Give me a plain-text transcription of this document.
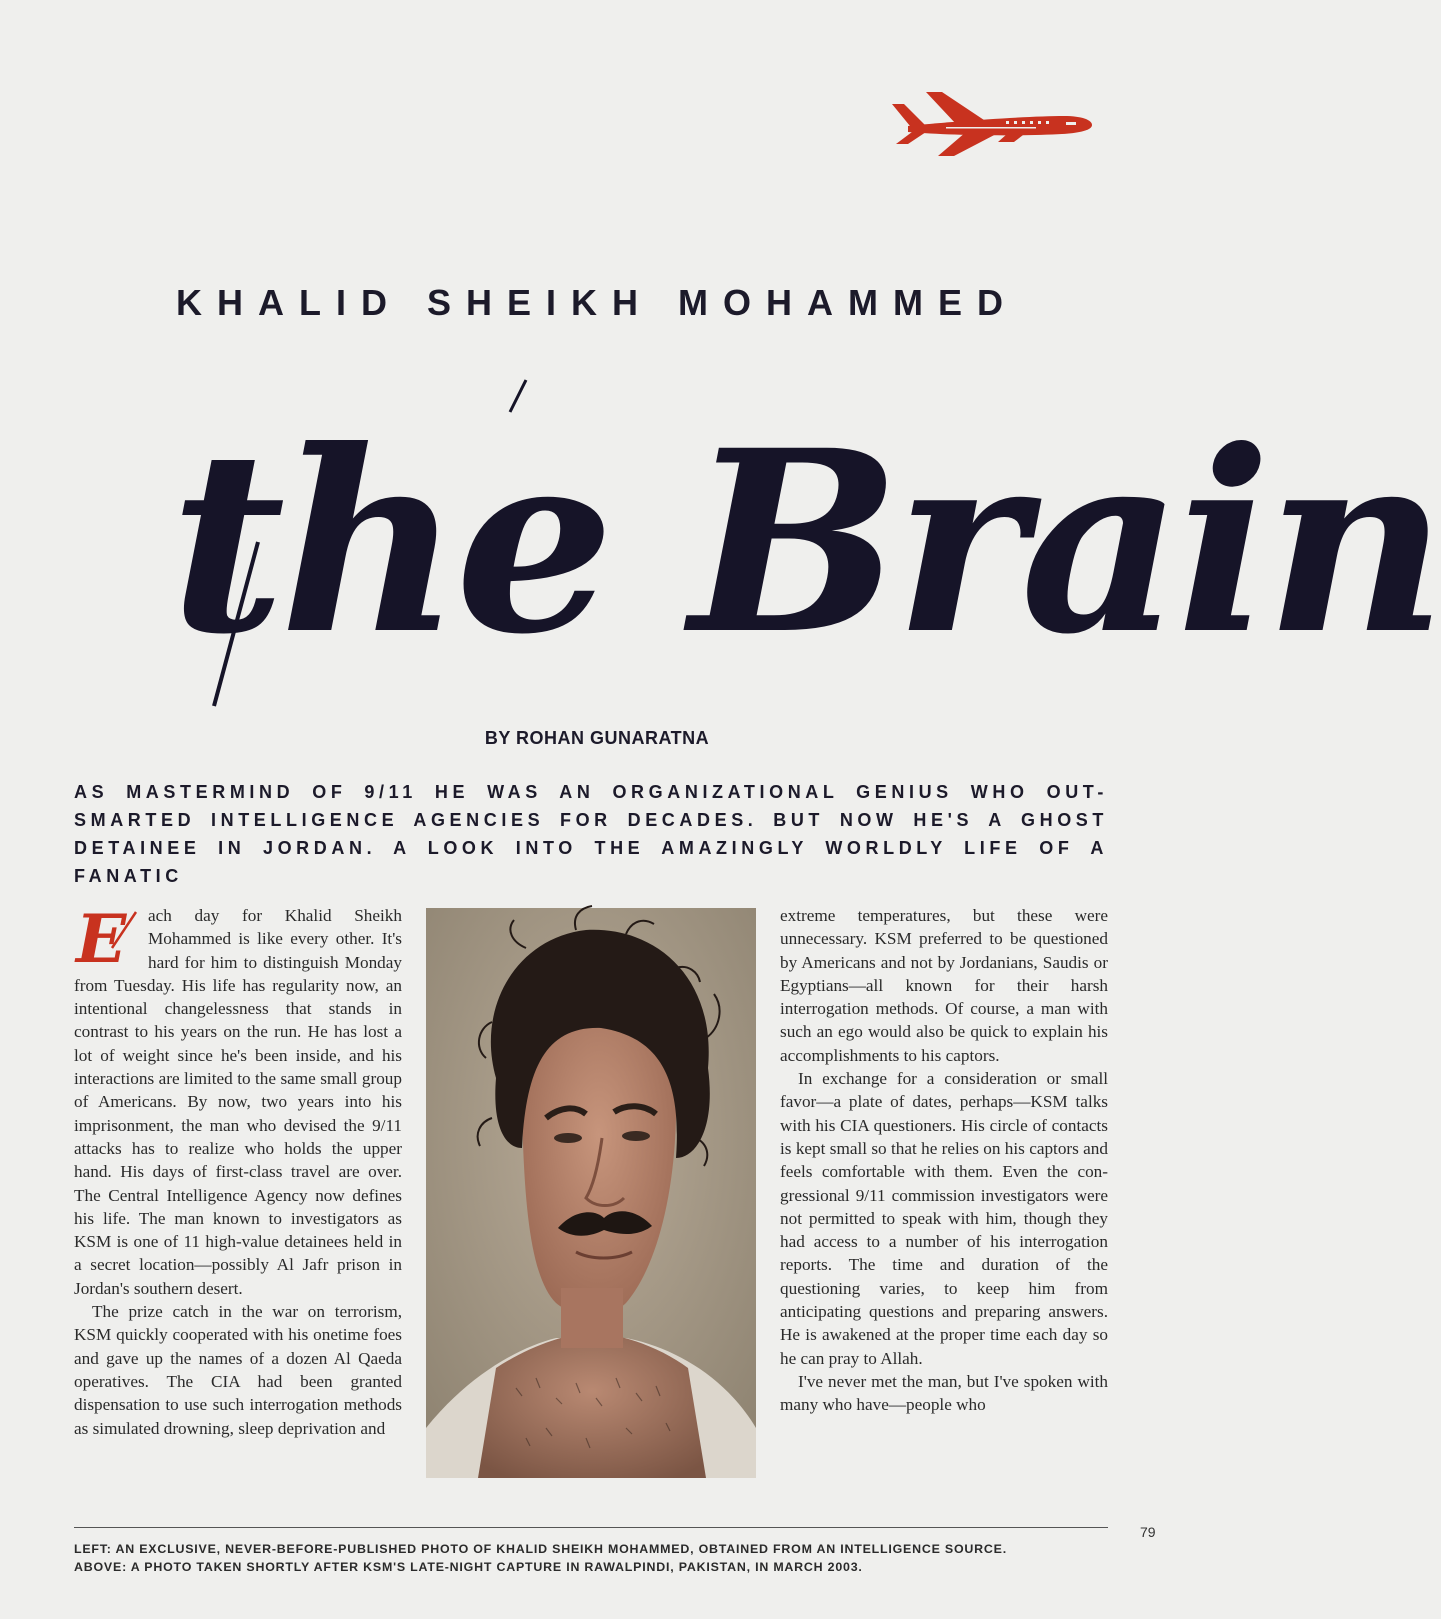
KHALID SHEIKH MOHAMMED
the Brain
BY ROHAN GUNARATNA
AS MASTERMIND OF 9/11 HE WAS AN ORGANIZATIONAL GENIUS WHO OUT-SMARTED INTELLIGENCE AGENCIES FOR DECADES. BUT NOW HE'S A GHOST DETAINEE IN JORDAN. A LOOK INTO THE AMAZINGLY WORLDLY LIFE OF A FANATIC

E ach day for Khalid Sheikh Mohammed is like every other. It's hard for him to distinguish Monday from Tuesday. His life has regularity now, an intentional changelessness that stands in contrast to his years on the run. He has lost a lot of weight since he's been inside, and his interactions are limited to the same small group of Americans. By now, two years into his imprisonment, the man who devised the 9/11 attacks has to realize who holds the upper hand. His days of first-class travel are over. The Central Intelligence Agency now defines his life. The man known to investigators as KSM is one of 11 high-value detainees held in a secret location—possibly Al Jafr prison in Jordan's southern desert.

The prize catch in the war on terrorism, KSM quickly cooperated with his onetime foes and gave up the names of a dozen Al Qaeda operatives. The CIA had been granted dispensation to use such interrogation methods as simulated drowning, sleep deprivation and

extreme temperatures, but these were unnecessary. KSM preferred to be questioned by Americans and not by Jordanians, Saudis or Egyptians—all known for their harsh interrogation methods. Of course, a man with such an ego would also be quick to explain his accomplishments to his captors.

In exchange for a consideration or small favor—a plate of dates, perhaps—KSM talks with his CIA questioners. His circle of contacts is kept small so that he relies on his captors and feels comfortable with them. Even the congressional 9/11 commission investigators were not permitted to speak with him, though they had access to a number of his interrogation reports. The time and duration of the questioning varies, to keep him from anticipating questions and preparing answers. He is awakened at the proper time each day so he can pray to Allah.

I've never met the man, but I've spoken with many who have—people who

LEFT: AN EXCLUSIVE, NEVER-BEFORE-PUBLISHED PHOTO OF KHALID SHEIKH MOHAMMED, OBTAINED FROM AN INTELLIGENCE SOURCE.
ABOVE: A PHOTO TAKEN SHORTLY AFTER KSM'S LATE-NIGHT CAPTURE IN RAWALPINDI, PAKISTAN, IN MARCH 2003.
79
